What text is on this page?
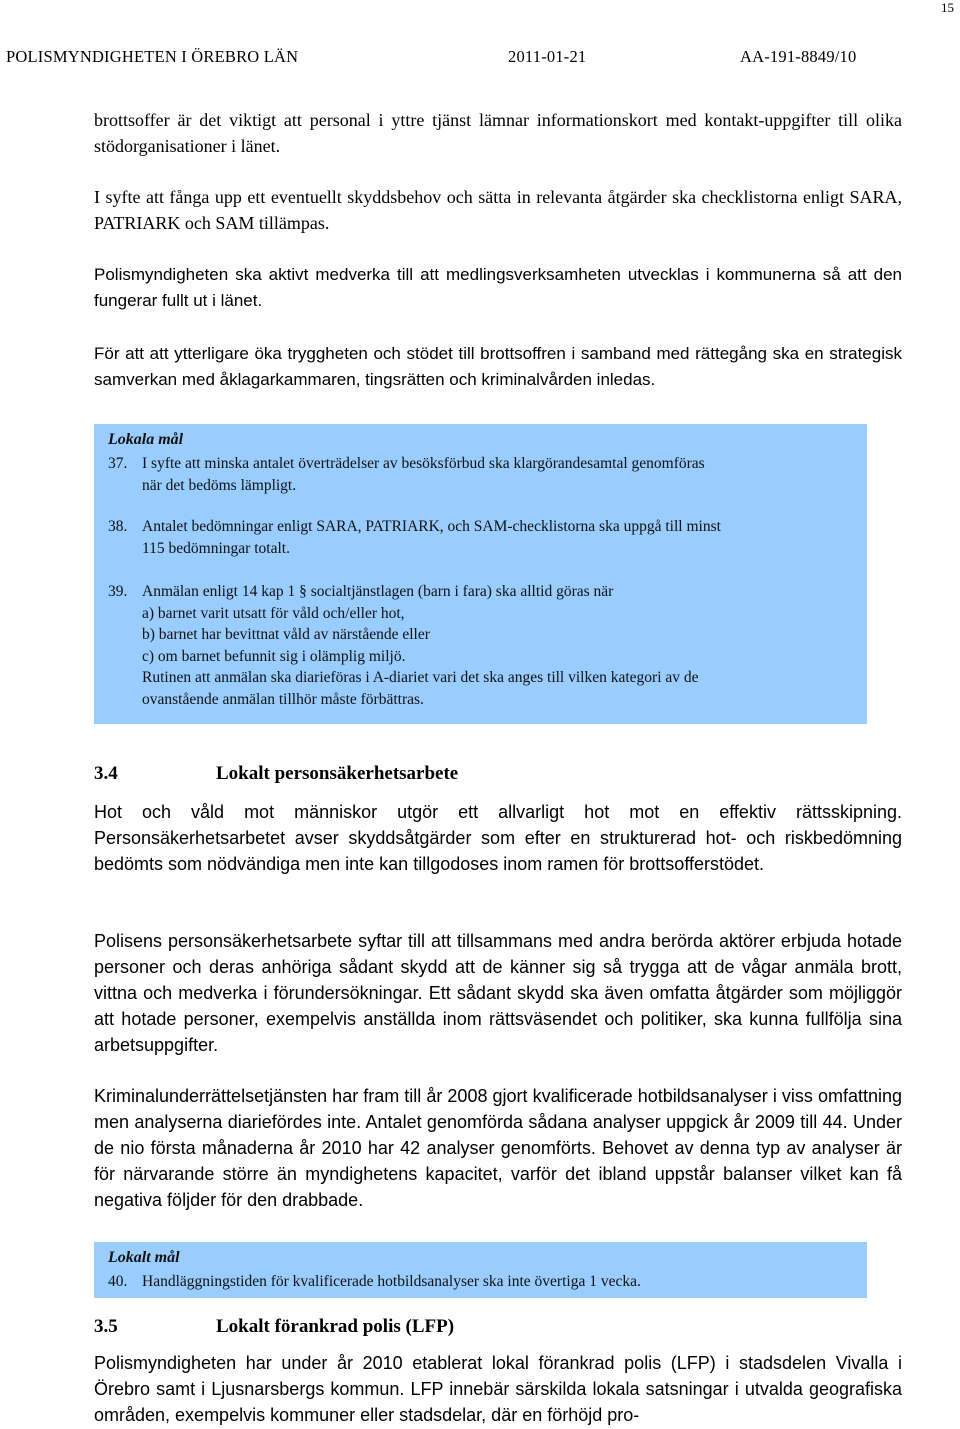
15
POLISMYNDIGHETEN I ÖREBRO LÄN	2011-01-21	AA-191-8849/10

brottsoffer är det viktigt att personal i yttre tjänst lämnar informationskort med kontakt-uppgifter till olika stödorganisationer i länet.

I syfte att fånga upp ett eventuellt skyddsbehov och sätta in relevanta åtgärder ska checklistorna enligt SARA, PATRIARK och SAM tillämpas.

Polismyndigheten ska aktivt medverka till att medlingsverksamheten utvecklas i kommunerna så att den fungerar fullt ut i länet.

För att att ytterligare öka tryggheten och stödet till brottsoffren i samband med rättegång ska en strategisk samverkan med åklagarkammaren, tingsrätten och kriminalvården inledas.

Lokala mål
37. I syfte att minska antalet överträdelser av besöksförbud ska klargörandesamtal genomföras
när det bedöms lämpligt.
38. Antalet bedömningar enligt SARA, PATRIARK, och SAM-checklistorna ska uppgå till minst
115 bedömningar totalt.
39. Anmälan enligt 14 kap 1 § socialtjänstlagen (barn i fara) ska alltid göras när
a) barnet varit utsatt för våld och/eller hot,
b) barnet har bevittnat våld av närstående eller
c) om barnet befunnit sig i olämplig miljö.
Rutinen att anmälan ska diarieföras i A-diariet vari det ska anges till vilken kategori av de
ovanstående anmälan tillhör måste förbättras.
3.4	Lokalt personsäkerhetsarbete

Hot och våld mot människor utgör ett allvarligt hot mot en effektiv rättsskipning. Personsäkerhetsarbetet avser skyddsåtgärder som efter en strukturerad hot- och riskbedömning bedömts som nödvändiga men inte kan tillgodoses inom ramen för brottsofferstödet.

Polisens personsäkerhetsarbete syftar till att tillsammans med andra berörda aktörer erbjuda hotade personer och deras anhöriga sådant skydd att de känner sig så trygga att de vågar anmäla brott, vittna och medverka i förundersökningar. Ett sådant skydd ska även omfatta åtgärder som möjliggör att hotade personer, exempelvis anställda inom rättsväsendet och politiker, ska kunna fullfölja sina arbetsuppgifter.

Kriminalunderrättelsetjänsten har fram till år 2008 gjort kvalificerade hotbildsanalyser i viss omfattning men analyserna diariefördes inte. Antalet genomförda sådana analyser uppgick år 2009 till 44. Under de nio första månaderna år 2010 har 42 analyser genomförts. Behovet av denna typ av analyser är för närvarande större än myndighetens kapacitet, varför det ibland uppstår balanser vilket kan få negativa följder för den drabbade.

Lokalt mål
40. Handläggningstiden för kvalificerade hotbildsanalyser ska inte övertiga 1 vecka.
3.5	Lokalt förankrad polis (LFP)

Polismyndigheten har under år 2010 etablerat lokal förankrad polis (LFP) i stadsdelen Vivalla i Örebro samt i Ljusnarsbergs kommun. LFP innebär särskilda lokala satsningar i utvalda geografiska områden, exempelvis kommuner eller stadsdelar, där en förhöjd pro-
